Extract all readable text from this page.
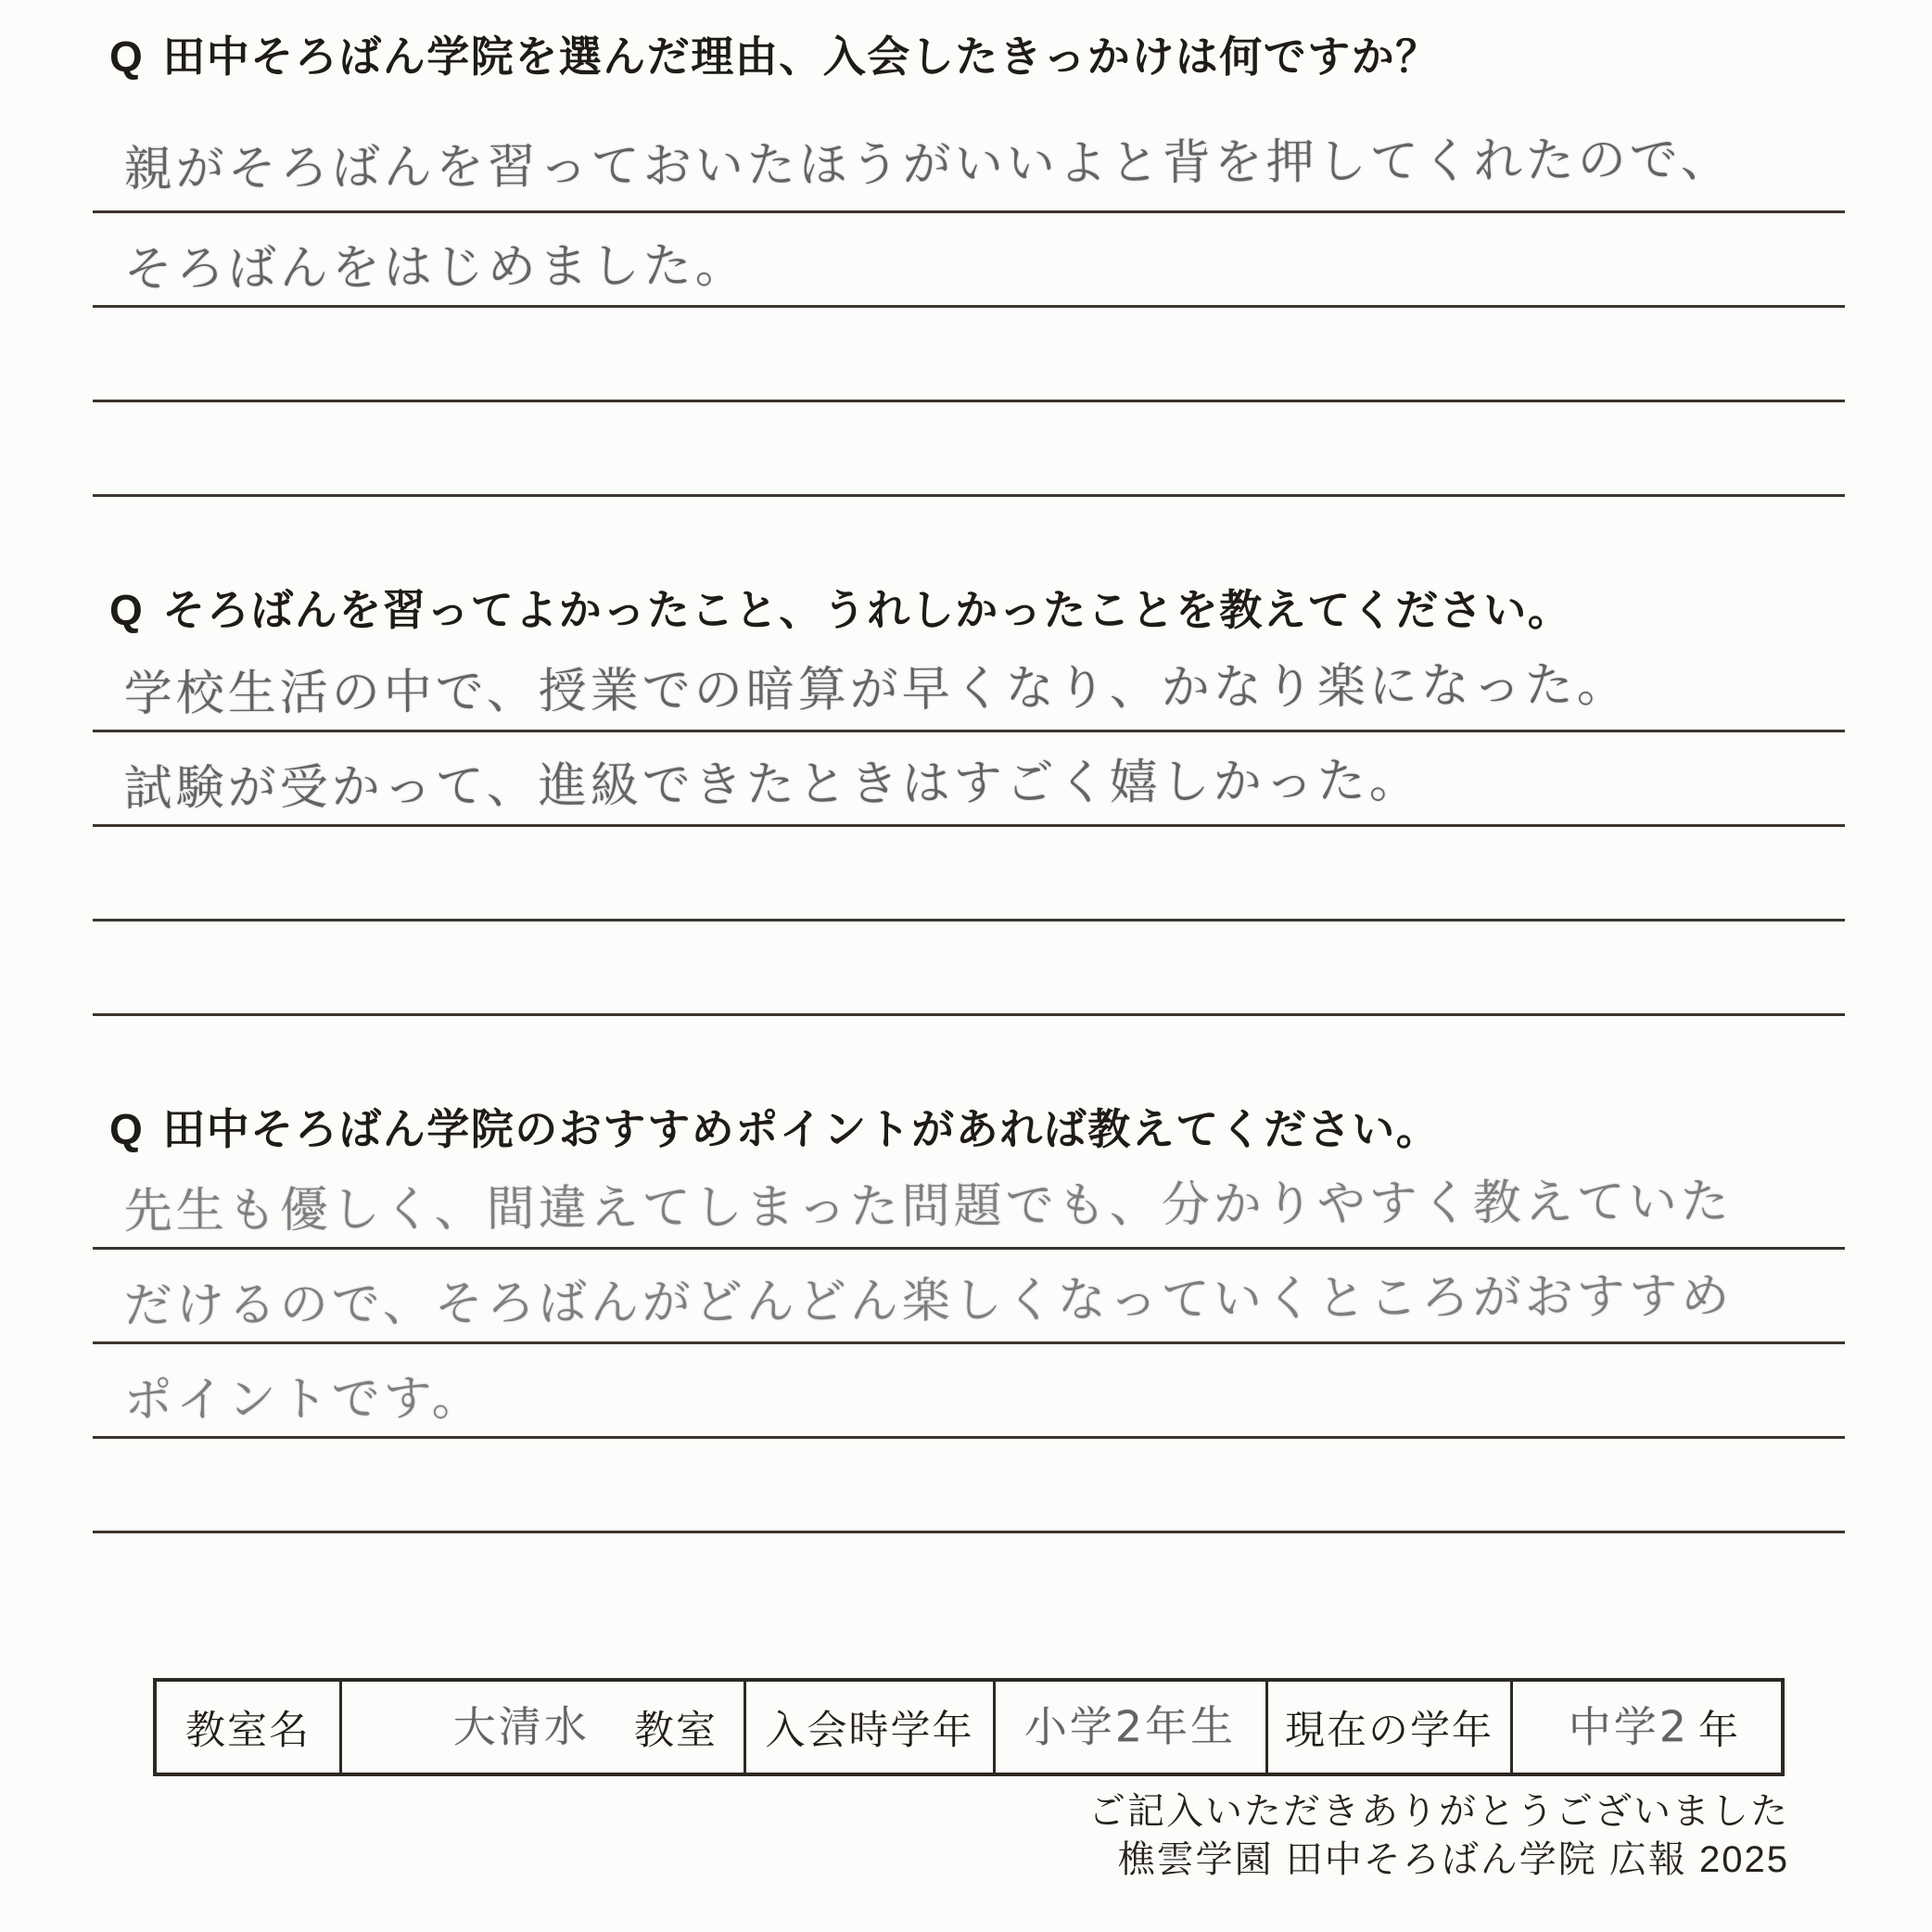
Q 田中そろばん学院を選んだ理由、入会したきっかけは何ですか？
親がそろばんを習っておいたほうがいいよと背を押してくれたので、
そろばんをはじめました。
Q そろばんを習ってよかったこと、うれしかったことを教えてください。
学校生活の中で、授業での暗算が早くなり、かなり楽になった。
試験が受かって、進級できたときはすごく嬉しかった。
Q 田中そろばん学院のおすすめポイントがあれば教えてください。
先生も優しく、間違えてしまった問題でも、分かりやすく教えていた
だけるので、そろばんがどんどん楽しくなっていくところがおすすめ
ポイントです。
教室名	大清水 教室	入会時学年	小学2年生	現在の学年	中学2 年
ご記入いただきありがとうございました
樵雲学園 田中そろばん学院 広報 2025
